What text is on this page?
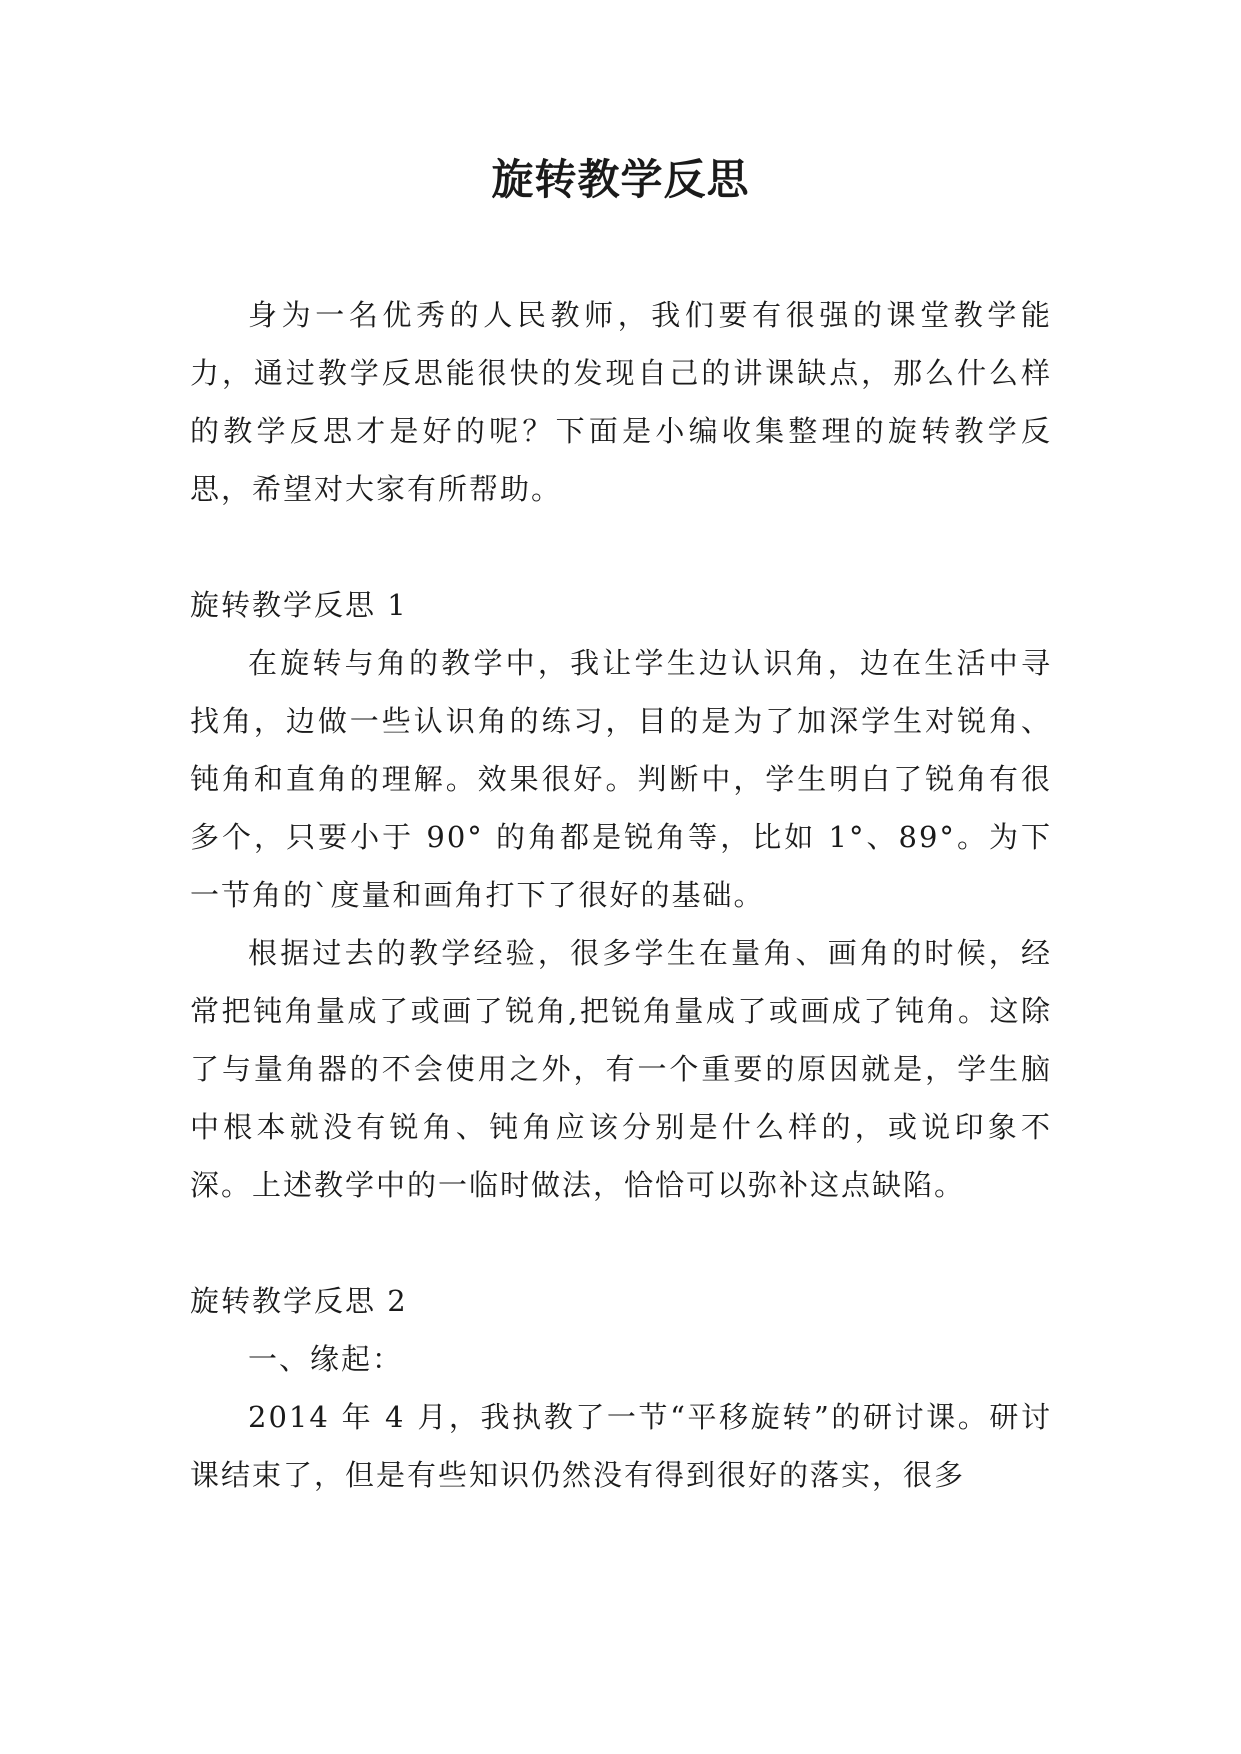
旋转教学反思

身为一名优秀的人民教师，我们要有很强的课堂教学能力，通过教学反思能很快的发现自己的讲课缺点，那么什么样的教学反思才是好的呢？下面是小编收集整理的旋转教学反思，希望对大家有所帮助。

旋转教学反思 1

在旋转与角的教学中，我让学生边认识角，边在生活中寻找角，边做一些认识角的练习，目的是为了加深学生对锐角、钝角和直角的理解。效果很好。判断中，学生明白了锐角有很多个，只要小于 90° 的角都是锐角等，比如 1°、89°。为下一节角的`度量和画角打下了很好的基础。

根据过去的教学经验，很多学生在量角、画角的时候，经常把钝角量成了或画了锐角,把锐角量成了或画成了钝角。这除了与量角器的不会使用之外，有一个重要的原因就是，学生脑中根本就没有锐角、钝角应该分别是什么样的，或说印象不深。上述教学中的一临时做法，恰恰可以弥补这点缺陷。

旋转教学反思 2

一、缘起：

2014 年 4 月，我执教了一节“平移旋转”的研讨课。研讨课结束了，但是有些知识仍然没有得到很好的落实，很多
